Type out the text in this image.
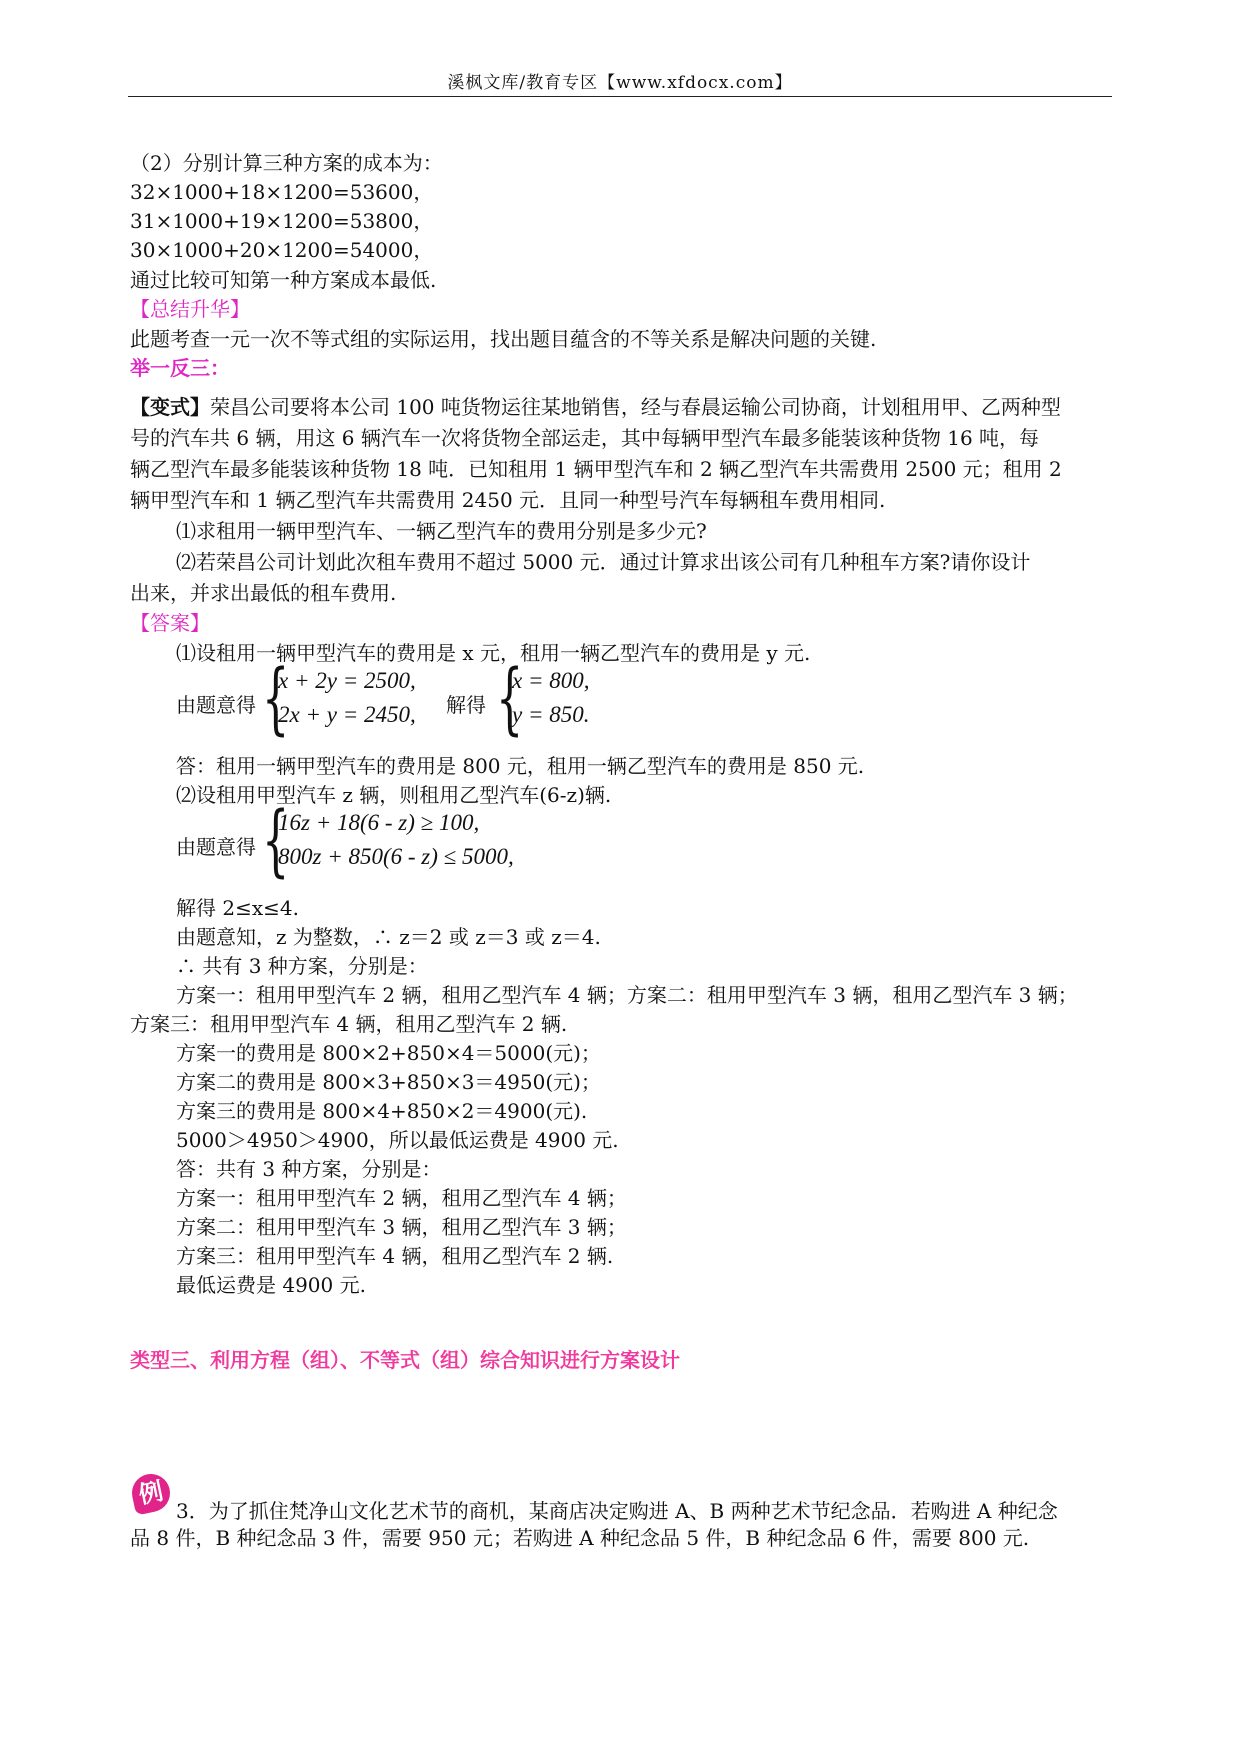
溪枫文库/教育专区【www.xfdocx.com】
（2）分别计算三种方案的成本为：
32×1000+18×1200=53600，
31×1000+19×1200=53800，
30×1000+20×1200=54000，
通过比较可知第一种方案成本最低.
【总结升华】
此题考查一元一次不等式组的实际运用，找出题目蕴含的不等关系是解决问题的关键.
举一反三：
【变式】荣昌公司要将本公司 100 吨货物运往某地销售，经与春晨运输公司协商，计划租用甲、乙两种型
号的汽车共 6 辆，用这 6 辆汽车一次将货物全部运走，其中每辆甲型汽车最多能装该种货物 16 吨，每
辆乙型汽车最多能装该种货物 18 吨．已知租用 1 辆甲型汽车和 2 辆乙型汽车共需费用 2500 元；租用 2
辆甲型汽车和 1 辆乙型汽车共需费用 2450 元．且同一种型号汽车每辆租车费用相同.
⑴求租用一辆甲型汽车、一辆乙型汽车的费用分别是多少元?
⑵若荣昌公司计划此次租车费用不超过 5000 元．通过计算求出该公司有几种租车方案?请你设计
出来，并求出最低的租车费用.
【答案】
⑴设租用一辆甲型汽车的费用是 x 元，租用一辆乙型汽车的费用是 y 元.
由题意得 {
x + 2y = 2500,
2x + y = 2450, 解得 {
x = 800,
y = 850.
答：租用一辆甲型汽车的费用是 800 元，租用一辆乙型汽车的费用是 850 元.
⑵设租用甲型汽车 z 辆，则租用乙型汽车(6-z)辆.
由题意得 {
16z + 18(6 - z) ≥ 100,
800z + 850(6 - z) ≤ 5000,
解得 2≤x≤4.
由题意知，z 为整数，∴ z＝2 或 z＝3 或 z＝4.
∴ 共有 3 种方案，分别是：
方案一：租用甲型汽车 2 辆，租用乙型汽车 4 辆；方案二：租用甲型汽车 3 辆，租用乙型汽车 3 辆；
方案三：租用甲型汽车 4 辆，租用乙型汽车 2 辆.
方案一的费用是 800×2+850×4＝5000(元)；
方案二的费用是 800×3+850×3＝4950(元)；
方案三的费用是 800×4+850×2＝4900(元).
5000＞4950＞4900，所以最低运费是 4900 元.
答：共有 3 种方案，分别是：
方案一：租用甲型汽车 2 辆，租用乙型汽车 4 辆；
方案二：租用甲型汽车 3 辆，租用乙型汽车 3 辆；
方案三：租用甲型汽车 4 辆，租用乙型汽车 2 辆.
最低运费是 4900 元.
类型三、利用方程（组）、不等式（组）综合知识进行方案设计
例
3．为了抓住梵净山文化艺术节的商机，某商店决定购进 A、B 两种艺术节纪念品．若购进 A 种纪念
品 8 件，B 种纪念品 3 件，需要 950 元；若购进 A 种纪念品 5 件，B 种纪念品 6 件，需要 800 元.
